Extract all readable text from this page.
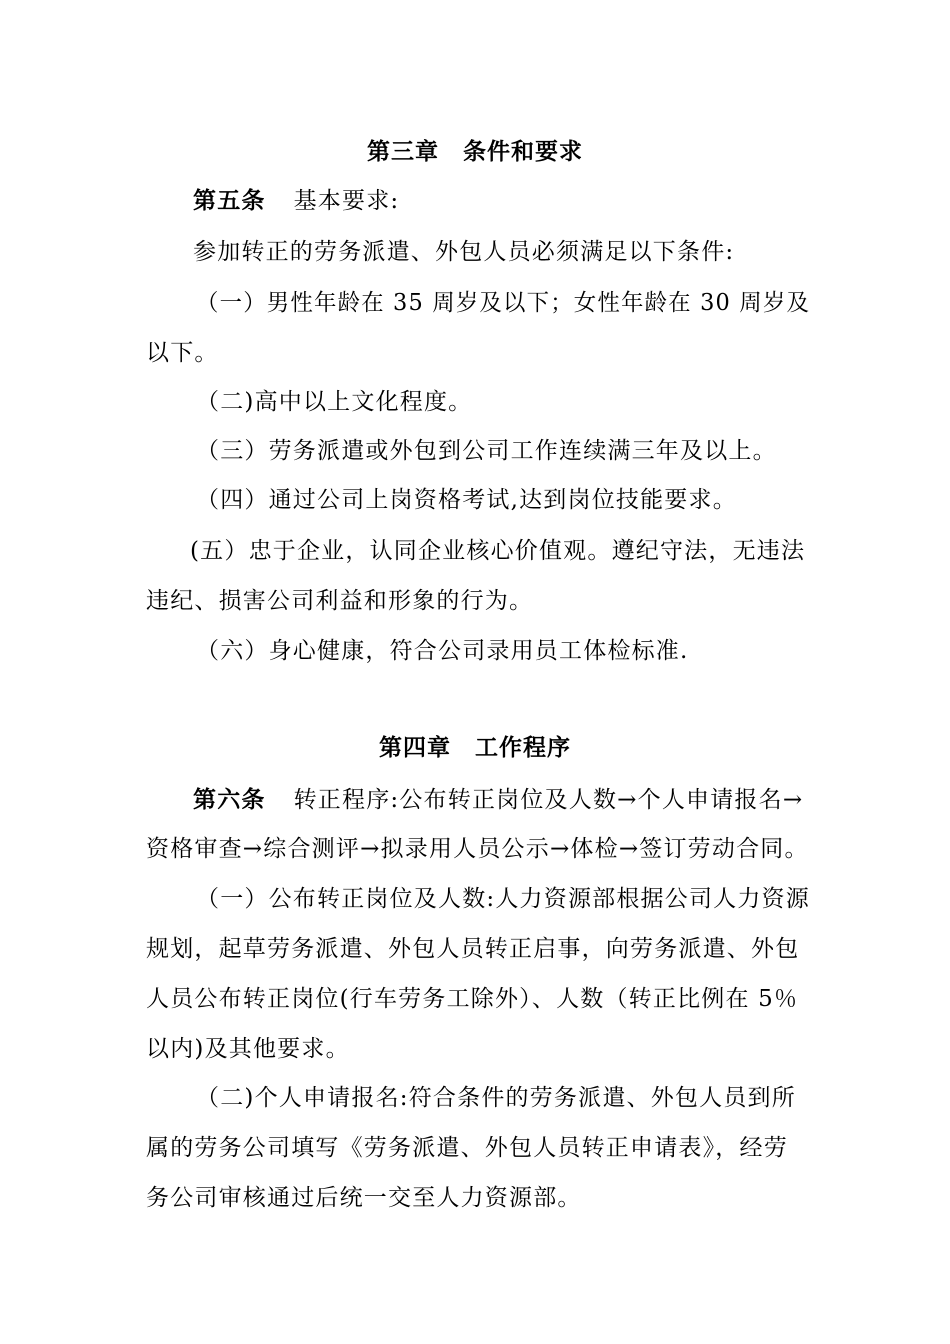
第三章　条件和要求
第五条 基本要求:
参加转正的劳务派遣、外包人员必须满足以下条件:
（一）男性年龄在 35 周岁及以下；女性年龄在 30 周岁及
以下。
（二)高中以上文化程度。
（三）劳务派遣或外包到公司工作连续满三年及以上。
（四）通过公司上岗资格考试,达到岗位技能要求。
(五）忠于企业，认同企业核心价值观。遵纪守法，无违法
违纪、损害公司利益和形象的行为。
（六）身心健康，符合公司录用员工体检标准.
第四章　工作程序
第六条 转正程序:公布转正岗位及人数→个人申请报名→
资格审查→综合测评→拟录用人员公示→体检→签订劳动合同。
（一）公布转正岗位及人数:人力资源部根据公司人力资源
规划，起草劳务派遣、外包人员转正启事，向劳务派遣、外包
人员公布转正岗位(行车劳务工除外）、人数（转正比例在 5％
以内)及其他要求。
（二)个人申请报名:符合条件的劳务派遣、外包人员到所
属的劳务公司填写《劳务派遣、外包人员转正申请表》，经劳
务公司审核通过后统一交至人力资源部。
